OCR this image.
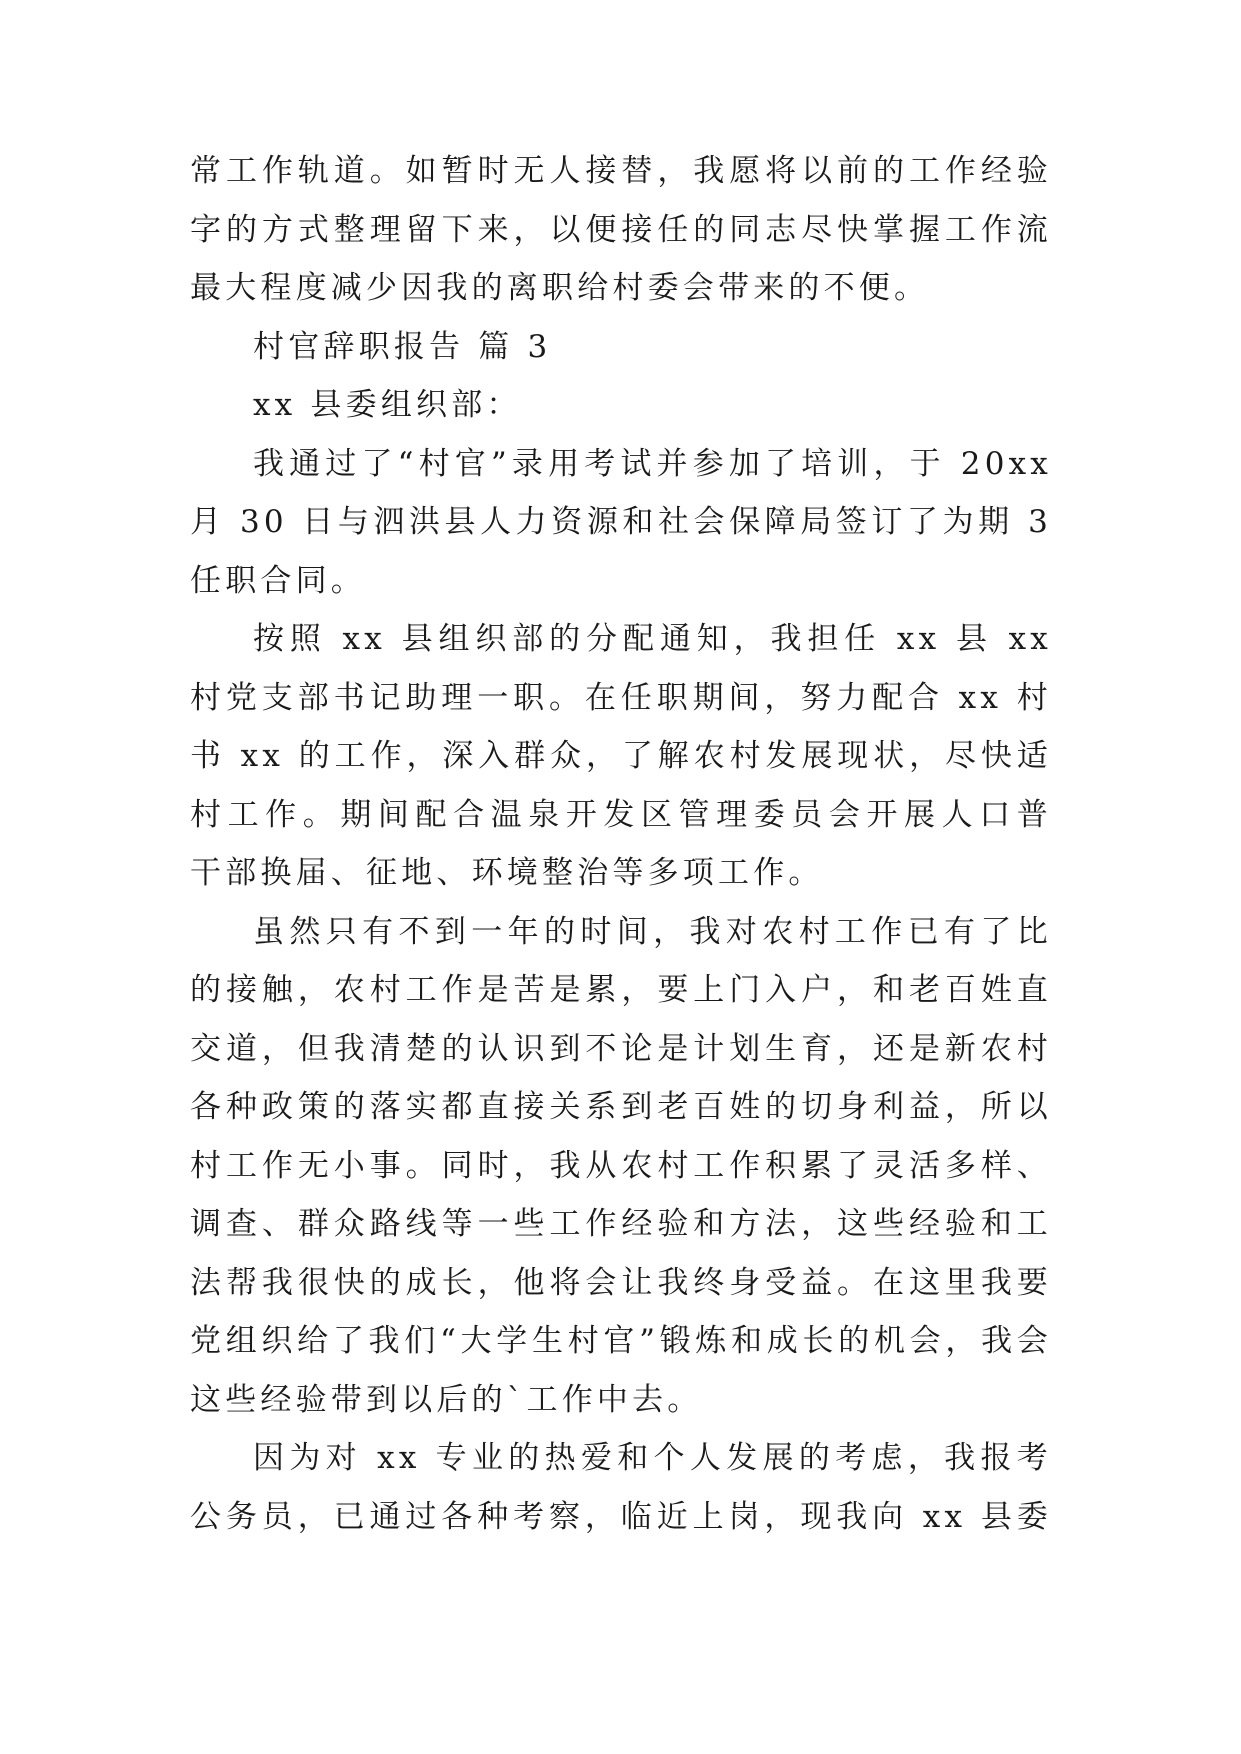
常工作轨道。如暂时无人接替，我愿将以前的工作经验
字的方式整理留下来，以便接任的同志尽快掌握工作流
最大程度减少因我的离职给村委会带来的不便。
村官辞职报告 篇 3
xx 县委组织部：
我通过了“村官”录用考试并参加了培训，于 20xx
月 30 日与泗洪县人力资源和社会保障局签订了为期 3
任职合同。
按照 xx 县组织部的分配通知，我担任 xx 县 xx
村党支部书记助理一职。在任职期间，努力配合 xx 村
书 xx 的工作，深入群众，了解农村发展现状，尽快适
村工作。期间配合温泉开发区管理委员会开展人口普
干部换届、征地、环境整治等多项工作。
虽然只有不到一年的时间，我对农村工作已有了比
的接触，农村工作是苦是累，要上门入户，和老百姓直
交道，但我清楚的认识到不论是计划生育，还是新农村
各种政策的落实都直接关系到老百姓的切身利益，所以
村工作无小事。同时，我从农村工作积累了灵活多样、
调查、群众路线等一些工作经验和方法，这些经验和工
法帮我很快的成长，他将会让我终身受益。在这里我要
党组织给了我们“大学生村官”锻炼和成长的机会，我会
这些经验带到以后的`工作中去。
因为对 xx 专业的热爱和个人发展的考虑，我报考
公务员，已通过各种考察，临近上岗，现我向 xx 县委
